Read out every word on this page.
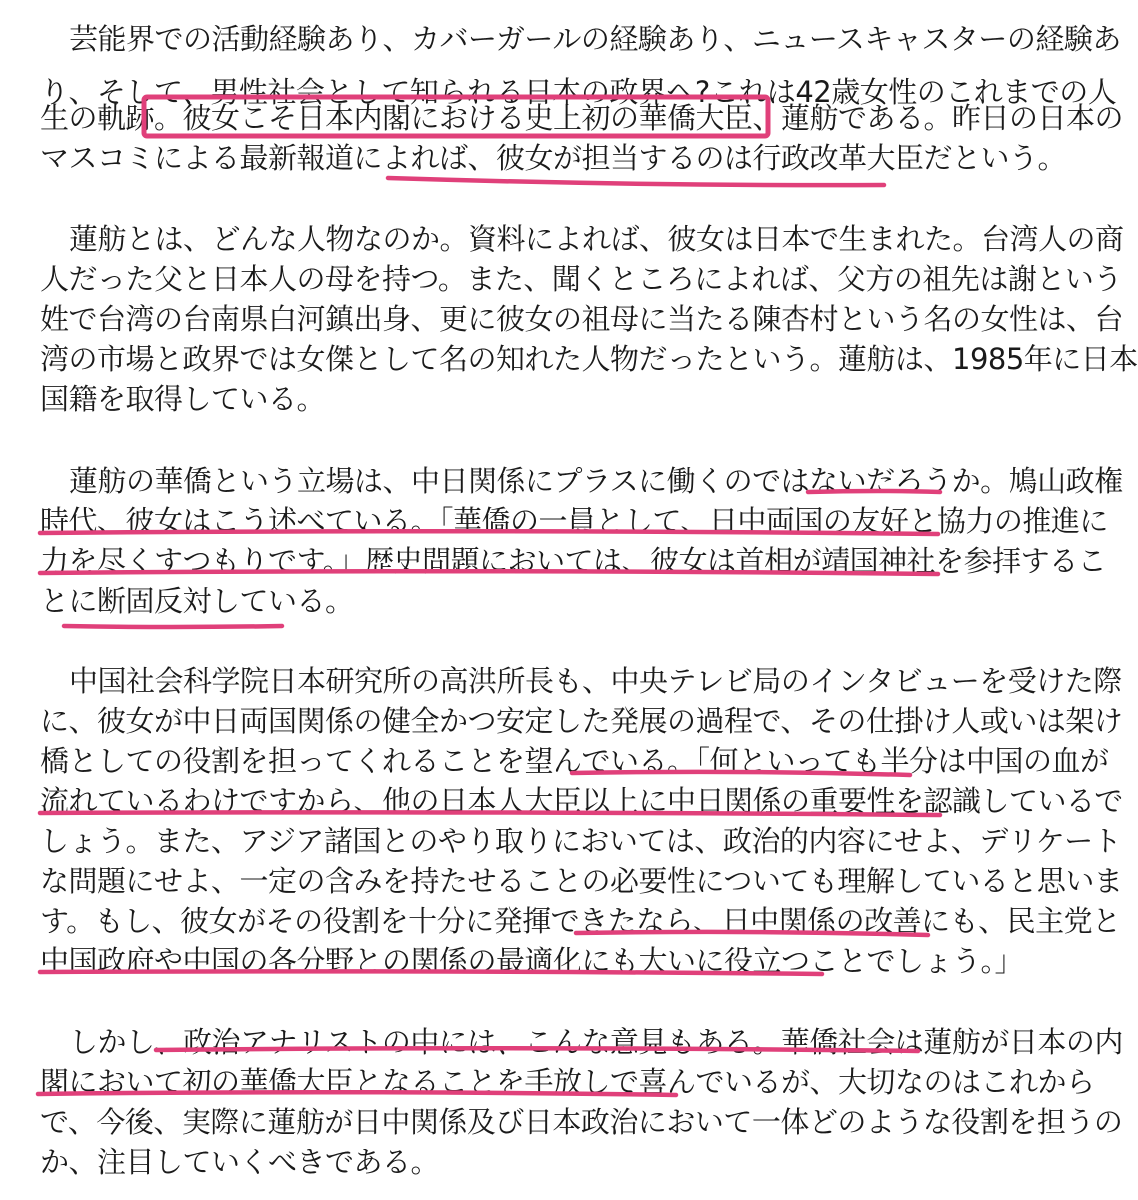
芸能界での活動経験あり、カバーガールの経験あり、ニュースキャスターの経験あ
り、そして、男性社会として知られる日本の政界へ?これは42歳女性のこれまでの人
生の軌跡。彼女こそ日本内閣における史上初の華僑大臣、蓮舫である。昨日の日本の
マスコミによる最新報道によれば、彼女が担当するのは行政改革大臣だという。
蓮舫とは、どんな人物なのか。資料によれば、彼女は日本で生まれた。台湾人の商
人だった父と日本人の母を持つ。また、聞くところによれば、父方の祖先は謝という
姓で台湾の台南県白河鎮出身、更に彼女の祖母に当たる陳杏村という名の女性は、台
湾の市場と政界では女傑として名の知れた人物だったという。蓮舫は、1985年に日本
国籍を取得している。
蓮舫の華僑という立場は、中日関係にプラスに働くのではないだろうか。鳩山政権
時代、彼女はこう述べている。「華僑の一員として、日中両国の友好と協力の推進に
力を尽くすつもりです。」歴史問題においては、彼女は首相が靖国神社を参拝するこ
とに断固反対している。
中国社会科学院日本研究所の高洪所長も、中央テレビ局のインタビューを受けた際
に、彼女が中日両国関係の健全かつ安定した発展の過程で、その仕掛け人或いは架け
橋としての役割を担ってくれることを望んでいる。「何といっても半分は中国の血が
流れているわけですから、他の日本人大臣以上に中日関係の重要性を認識しているで
しょう。また、アジア諸国とのやり取りにおいては、政治的内容にせよ、デリケート
な問題にせよ、一定の含みを持たせることの必要性についても理解していると思いま
す。もし、彼女がその役割を十分に発揮できたなら、日中関係の改善にも、民主党と
中国政府や中国の各分野との関係の最適化にも大いに役立つことでしょう。」
しかし、政治アナリストの中には、こんな意見もある。華僑社会は蓮舫が日本の内
閣において初の華僑大臣となることを手放しで喜んでいるが、大切なのはこれから
で、今後、実際に蓮舫が日中関係及び日本政治において一体どのような役割を担うの
か、注目していくべきである。
